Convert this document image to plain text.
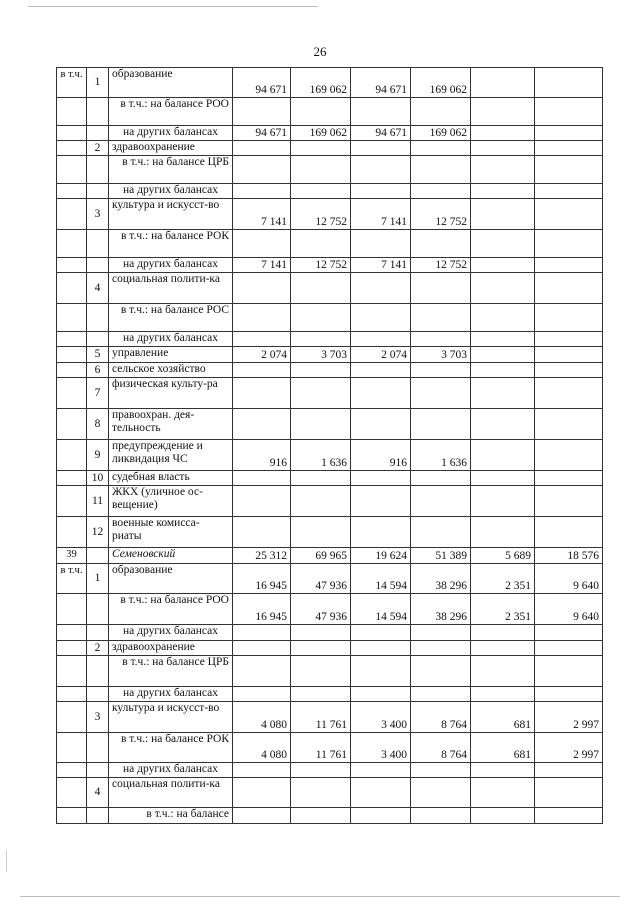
26
в т.ч.	1	образование	94 671	169 062	94 671	169 062		
		в т.ч.: на балансе РОО						
		на других балансах	94 671	169 062	94 671	169 062		
	2	здравоохранение						
		в т.ч.: на балансе ЦРБ						
		на других балансах						
	3	культура и искусст-во	7 141	12 752	7 141	12 752		
		в т.ч.: на балансе РОК						
		на других балансах	7 141	12 752	7 141	12 752		
	4	социальная полити-ка						
		в т.ч.: на балансе РОС						
		на других балансах						
	5	управление	2 074	3 703	2 074	3 703		
	6	сельское хозяйство						
	7	физическая культу-ра						
	8	правоохран. дея-тельность						
	9	предупреждение и ликвидация ЧС	916	1 636	916	1 636		
	10	судебная власть						
	11	ЖКХ (уличное ос-вещение)						
	12	военные комисса-риаты						
39		Семеновский	25 312	69 965	19 624	51 389	5 689	18 576
в т.ч.	1	образование	16 945	47 936	14 594	38 296	2 351	9 640
		в т.ч.: на балансе РОО	16 945	47 936	14 594	38 296	2 351	9 640
		на других балансах						
	2	здравоохранение						
		в т.ч.: на балансе ЦРБ						
		на других балансах						
	3	культура и искусст-во	4 080	11 761	3 400	8 764	681	2 997
		в т.ч.: на балансе РОК	4 080	11 761	3 400	8 764	681	2 997
		на других балансах						
	4	социальная полити-ка						
		в т.ч.: на балансе						
